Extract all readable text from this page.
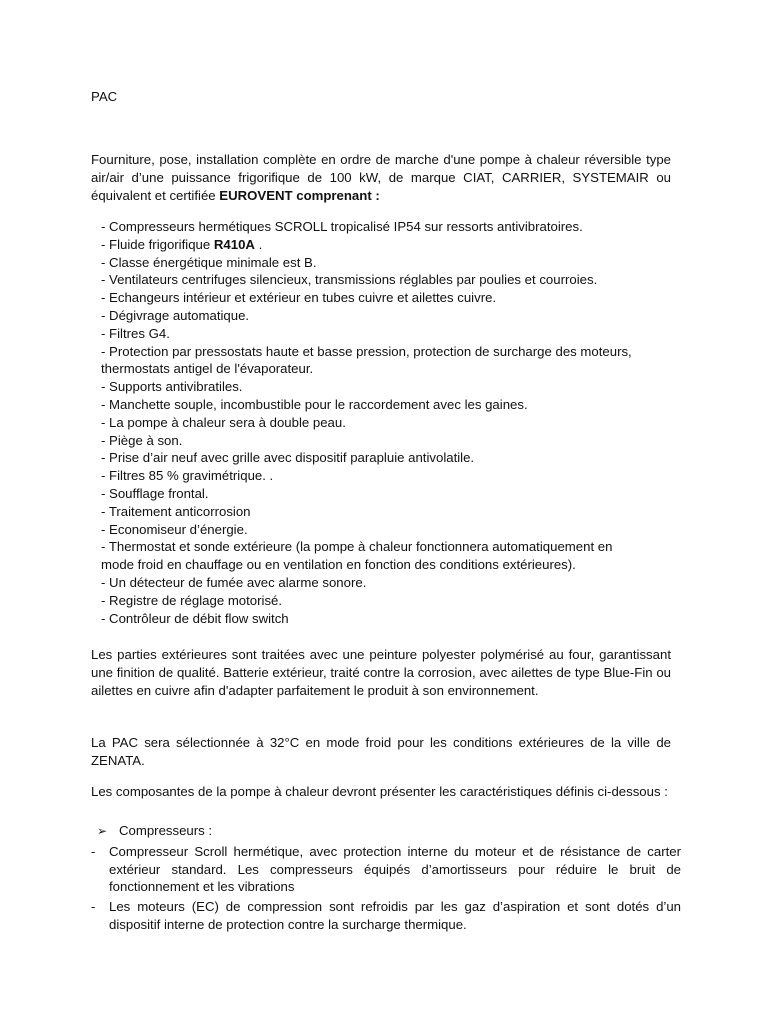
PAC
Fourniture, pose, installation complète en ordre de marche d'une pompe à chaleur réversible type air/air d’une puissance frigorifique de 100 kW, de marque CIAT, CARRIER, SYSTEMAIR ou équivalent et certifiée EUROVENT comprenant :
- Compresseurs hermétiques SCROLL tropicalisé IP54 sur ressorts antivibratoires.
- Fluide frigorifique R410A .
- Classe énergétique minimale est B.
- Ventilateurs centrifuges silencieux, transmissions réglables par poulies et courroies.
- Echangeurs intérieur et extérieur en tubes cuivre et ailettes cuivre.
- Dégivrage automatique.
- Filtres G4.
- Protection par pressostats haute et basse pression, protection de surcharge des moteurs,
thermostats antigel de l'évaporateur.
- Supports antivibratiles.
- Manchette souple, incombustible pour le raccordement avec les gaines.
- La pompe à chaleur sera à double peau.
- Piège à son.
- Prise d’air neuf avec grille avec dispositif parapluie antivolatile.
- Filtres 85 % gravimétrique. .
- Soufflage frontal.
- Traitement anticorrosion
- Economiseur d’énergie.
- Thermostat et sonde extérieure (la pompe à chaleur fonctionnera automatiquement en
mode froid en chauffage ou en ventilation en fonction des conditions extérieures).
- Un détecteur de fumée avec alarme sonore.
- Registre de réglage motorisé.
- Contrôleur de débit flow switch
Les parties extérieures sont traitées avec une peinture polyester polymérisé au four, garantissant une finition de qualité. Batterie extérieur, traité contre la corrosion, avec ailettes de type Blue-Fin ou ailettes en cuivre afin d'adapter parfaitement le produit à son environnement.
La PAC sera sélectionnée à 32°C en mode froid pour les conditions extérieures de la ville de ZENATA.
Les composantes de la pompe à chaleur devront présenter les caractéristiques définis ci-dessous :
➢ Compresseurs :
-	Compresseur Scroll hermétique, avec protection interne du moteur et de résistance de carter extérieur standard. Les compresseurs équipés d’amortisseurs pour réduire le bruit de fonctionnement et les vibrations
-	Les moteurs (EC) de compression sont refroidis par les gaz d’aspiration et sont dotés d’un dispositif interne de protection contre la surcharge thermique.
